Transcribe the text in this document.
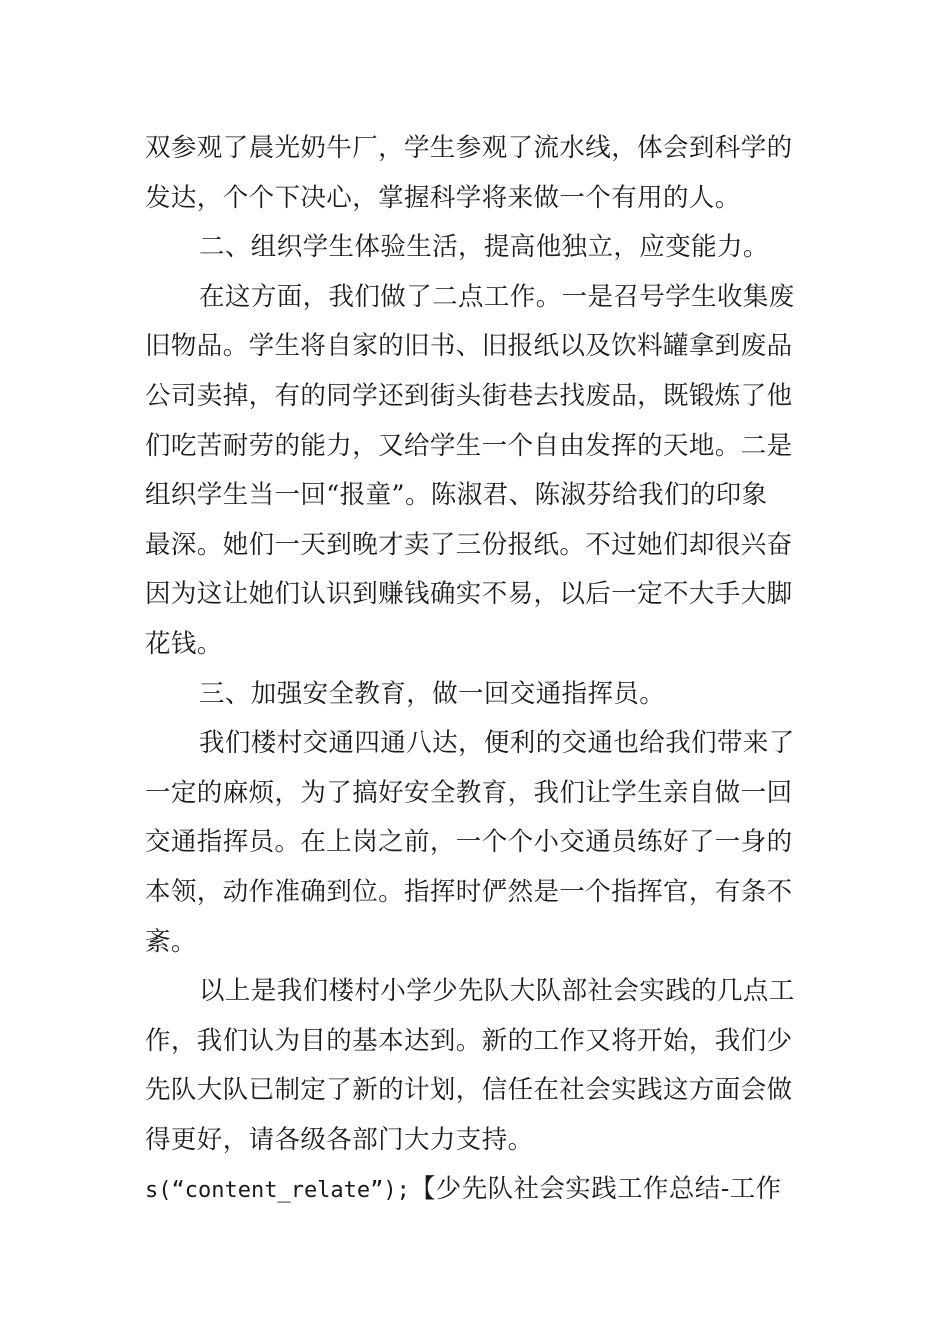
双参观了晨光奶牛厂，学生参观了流水线，体会到科学的
发达，个个下决心，掌握科学将来做一个有用的人。
二、组织学生体验生活，提高他独立，应变能力。
在这方面，我们做了二点工作。一是召号学生收集废
旧物品。学生将自家的旧书、旧报纸以及饮料罐拿到废品
公司卖掉，有的同学还到街头街巷去找废品，既锻炼了他
们吃苦耐劳的能力，又给学生一个自由发挥的天地。二是
组织学生当一回“报童”。陈淑君、陈淑芬给我们的印象
最深。她们一天到晚才卖了三份报纸。不过她们却很兴奋
因为这让她们认识到赚钱确实不易，以后一定不大手大脚
花钱。
三、加强安全教育，做一回交通指挥员。
我们楼村交通四通八达，便利的交通也给我们带来了
一定的麻烦，为了搞好安全教育，我们让学生亲自做一回
交通指挥员。在上岗之前，一个个小交通员练好了一身的
本领，动作准确到位。指挥时俨然是一个指挥官，有条不
紊。
以上是我们楼村小学少先队大队部社会实践的几点工
作，我们认为目的基本达到。新的工作又将开始，我们少
先队大队已制定了新的计划，信任在社会实践这方面会做
得更好，请各级各部门大力支持。
s(“content_relate”);【少先队社会实践工作总结-工作
